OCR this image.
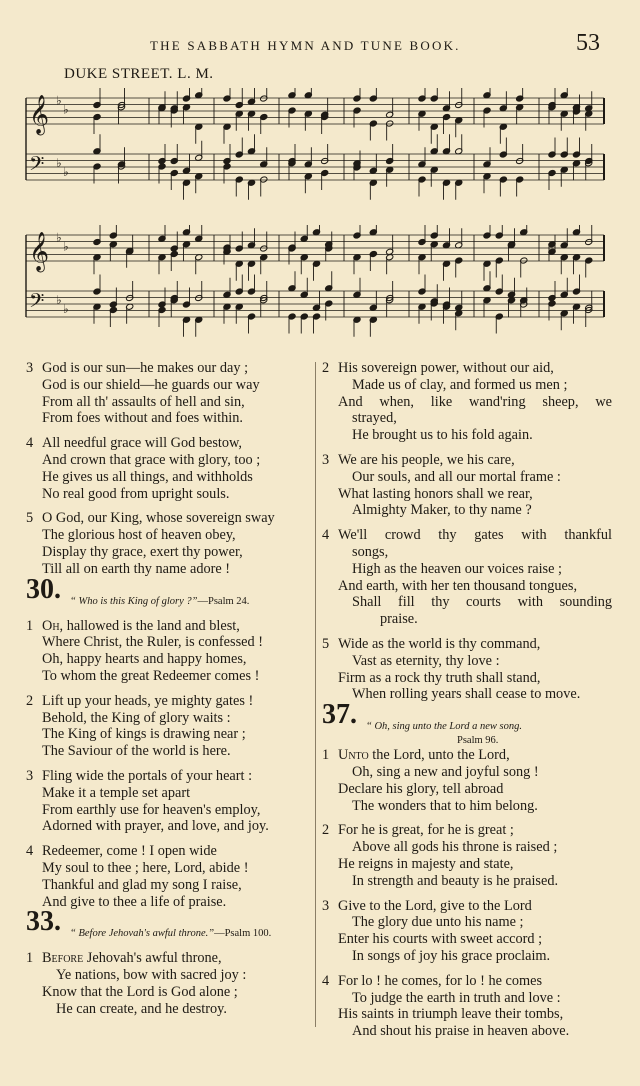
THE SABBATH HYMN AND TUNE BOOK.	53
DUKE STREET. L. M.
𝄞 ♭
♭
𝄢 ♭
♭
𝄞 ♭
♭
𝄢 ♭
♭
3 God is our sun—he makes our day ;
God is our shield—he guards our way
From all th' assaults of hell and sin,
From foes without and foes within.
4 All needful grace will God bestow,
And crown that grace with glory, too ;
He gives us all things, and withholds
No real good from upright souls.
5 O God, our King, whose sovereign sway
The glorious host of heaven obey,
Display thy grace, exert thy power,
Till all on earth thy name adore !
30. “ Who is this King of glory ?”—Psalm 24.
1 Oh, hallowed is the land and blest,
Where Christ, the Ruler, is confessed !
Oh, happy hearts and happy homes,
To whom the great Redeemer comes !
2 Lift up your heads, ye mighty gates !
Behold, the King of glory waits :
The King of kings is drawing near ;
The Saviour of the world is here.
3 Fling wide the portals of your heart :
Make it a temple set apart
From earthly use for heaven's employ,
Adorned with prayer, and love, and joy.
4 Redeemer, come ! I open wide
My soul to thee ; here, Lord, abide !
Thankful and glad my song I raise,
And give to thee a life of praise.
33. “ Before Jehovah's awful throne.”—Psalm 100.
1 Before Jehovah's awful throne,
Ye nations, bow with sacred joy :
Know that the Lord is God alone ;
He can create, and he destroy.
2 His sovereign power, without our aid,
Made us of clay, and formed us men ;
And when, like wand'ring sheep, we
strayed,
He brought us to his fold again.
3 We are his people, we his care,
Our souls, and all our mortal frame :
What lasting honors shall we rear,
Almighty Maker, to thy name ?
4 We'll crowd thy gates with thankful
songs,
High as the heaven our voices raise ;
And earth, with her ten thousand tongues,
Shall fill thy courts with sounding
praise.
5 Wide as the world is thy command,
Vast as eternity, thy love :
Firm as a rock thy truth shall stand,
When rolling years shall cease to move.
37. “ Oh, sing unto the Lord a new song.
Psalm 96.
1 Unto the Lord, unto the Lord,
Oh, sing a new and joyful song !
Declare his glory, tell abroad
The wonders that to him belong.
2 For he is great, for he is great ;
Above all gods his throne is raised ;
He reigns in majesty and state,
In strength and beauty is he praised.
3 Give to the Lord, give to the Lord
The glory due unto his name ;
Enter his courts with sweet accord ;
In songs of joy his grace proclaim.
4 For lo ! he comes, for lo ! he comes
To judge the earth in truth and love :
His saints in triumph leave their tombs,
And shout his praise in heaven above.
